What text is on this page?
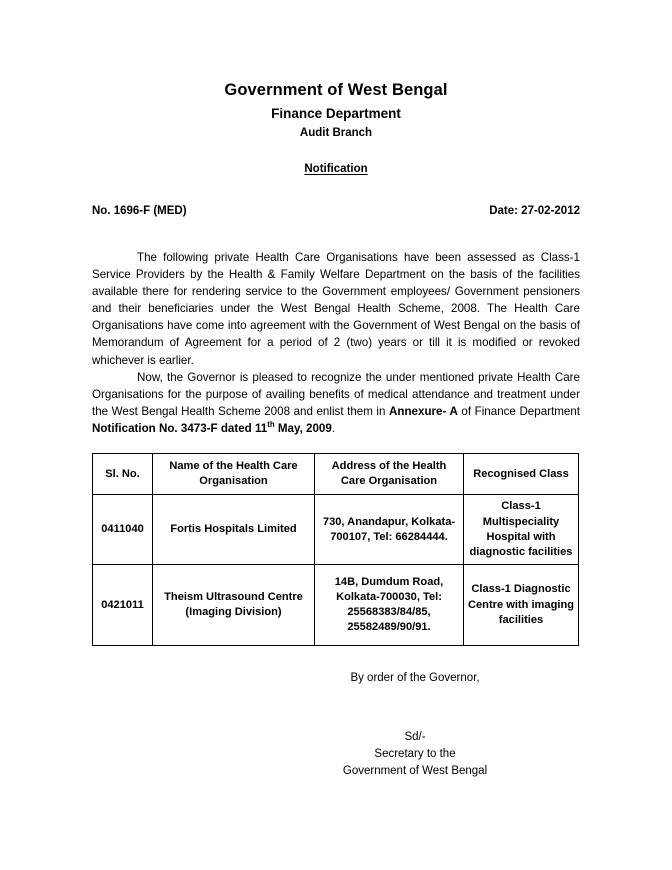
Government of West Bengal
Finance Department
Audit Branch
Notification
No. 1696-F (MED)	Date: 27-02-2012

The following private Health Care Organisations have been assessed as Class-1 Service Providers by the Health & Family Welfare Department on the basis of the facilities available there for rendering service to the Government employees/ Government pensioners and their beneficiaries under the West Bengal Health Scheme, 2008. The Health Care Organisations have come into agreement with the Government of West Bengal on the basis of Memorandum of Agreement for a period of 2 (two) years or till it is modified or revoked whichever is earlier.

Now, the Governor is pleased to recognize the under mentioned private Health Care Organisations for the purpose of availing benefits of medical attendance and treatment under the West Bengal Health Scheme 2008 and enlist them in Annexure- A of Finance Department Notification No. 3473-F dated 11th May, 2009.

Sl. No.	Name of the Health Care Organisation	Address of the Health Care Organisation	Recognised Class
0411040	Fortis Hospitals Limited	730, Anandapur, Kolkata- 700107, Tel: 66284444.	Class-1 Multispeciality Hospital with diagnostic facilities
0421011	Theism Ultrasound Centre (Imaging Division)	14B, Dumdum Road, Kolkata-700030, Tel: 25568383/84/85, 25582489/90/91.	Class-1 Diagnostic Centre with imaging facilities
By order of the Governor,
Sd/-
Secretary to the
Government of West Bengal
